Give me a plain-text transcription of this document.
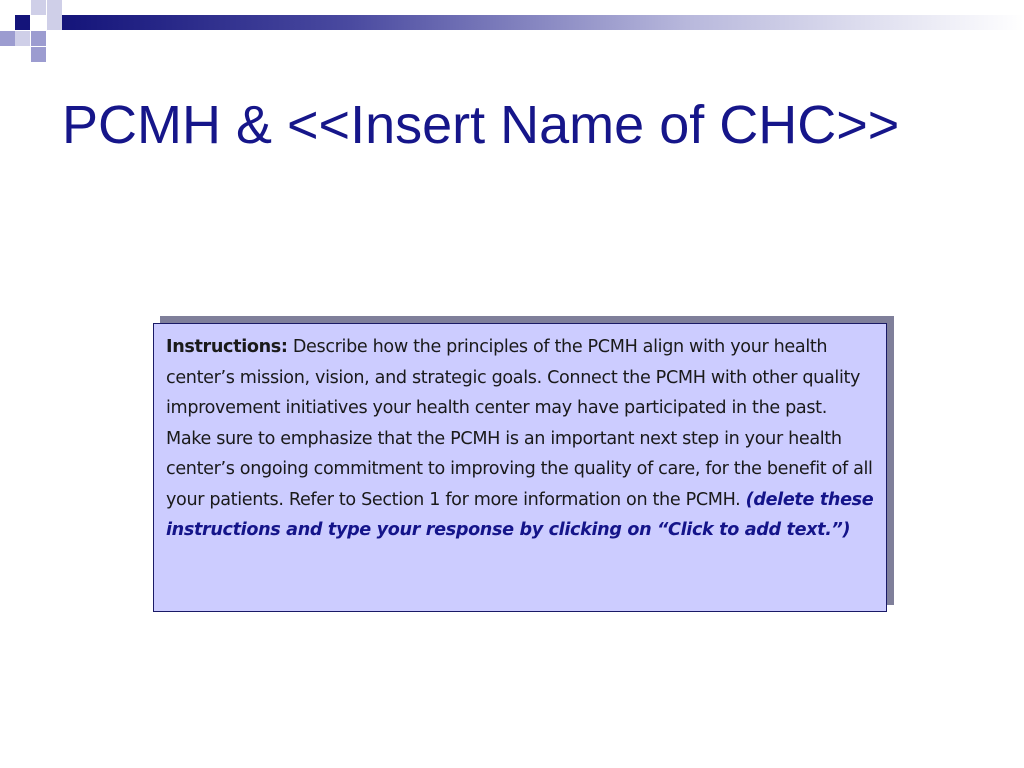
PCMH & <<Insert Name of CHC>>
Instructions: Describe how the principles of the PCMH align with your health center’s mission, vision, and strategic goals. Connect the PCMH with other quality improvement initiatives your health center may have participated in the past. Make sure to emphasize that the PCMH is an important next step in your health center’s ongoing commitment to improving the quality of care, for the benefit of all your patients. Refer to Section 1 for more information on the PCMH. (delete these instructions and type your response by clicking on “Click to add text.”)
